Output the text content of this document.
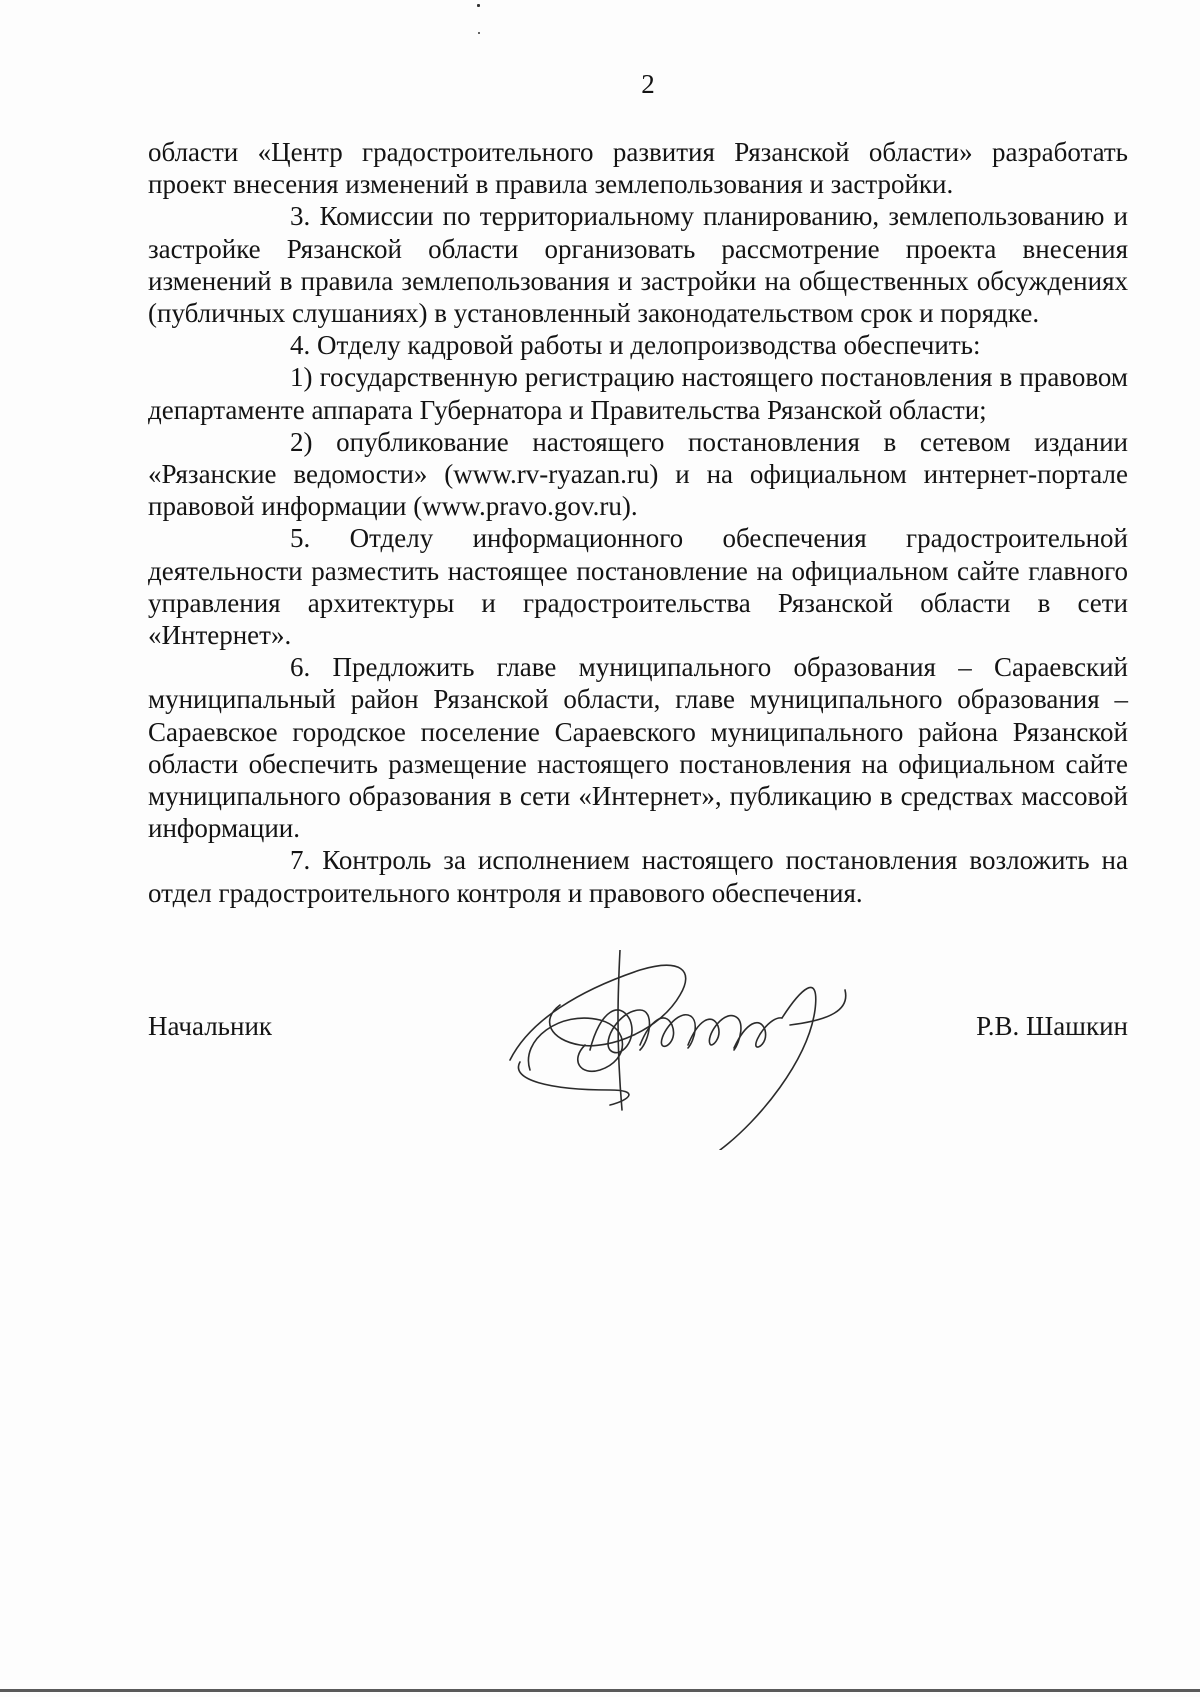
2

области «Центр градостроительного развития Рязанской области» разработать проект внесения изменений в правила землепользования и застройки.

3. Комиссии по территориальному планированию, землепользованию и застройке Рязанской области организовать рассмотрение проекта внесения изменений в правила землепользования и застройки на общественных обсуждениях (публичных слушаниях) в установленный законодательством срок и порядке.

4. Отделу кадровой работы и делопроизводства обеспечить:

1) государственную регистрацию настоящего постановления в правовом департаменте аппарата Губернатора и Правительства Рязанской области;

2) опубликование настоящего постановления в сетевом издании «Рязанские ведомости» (www.rv-ryazan.ru) и на официальном интернет-портале правовой информации (www.pravo.gov.ru).

5. Отделу информационного обеспечения градостроительной деятельности разместить настоящее постановление на официальном сайте главного управления архитектуры и градостроительства Рязанской области в сети «Интернет».

6. Предложить главе муниципального образования – Сараевский муниципальный район Рязанской области, главе муниципального образования – Сараевское городское поселение Сараевского муниципального района Рязанской области обеспечить размещение настоящего постановления на официальном сайте муниципального образования в сети «Интернет», публикацию в средствах массовой информации.

7. Контроль за исполнением настоящего постановления возложить на отдел градостроительного контроля и правового обеспечения.

Начальник	Р.В. Шашкин
